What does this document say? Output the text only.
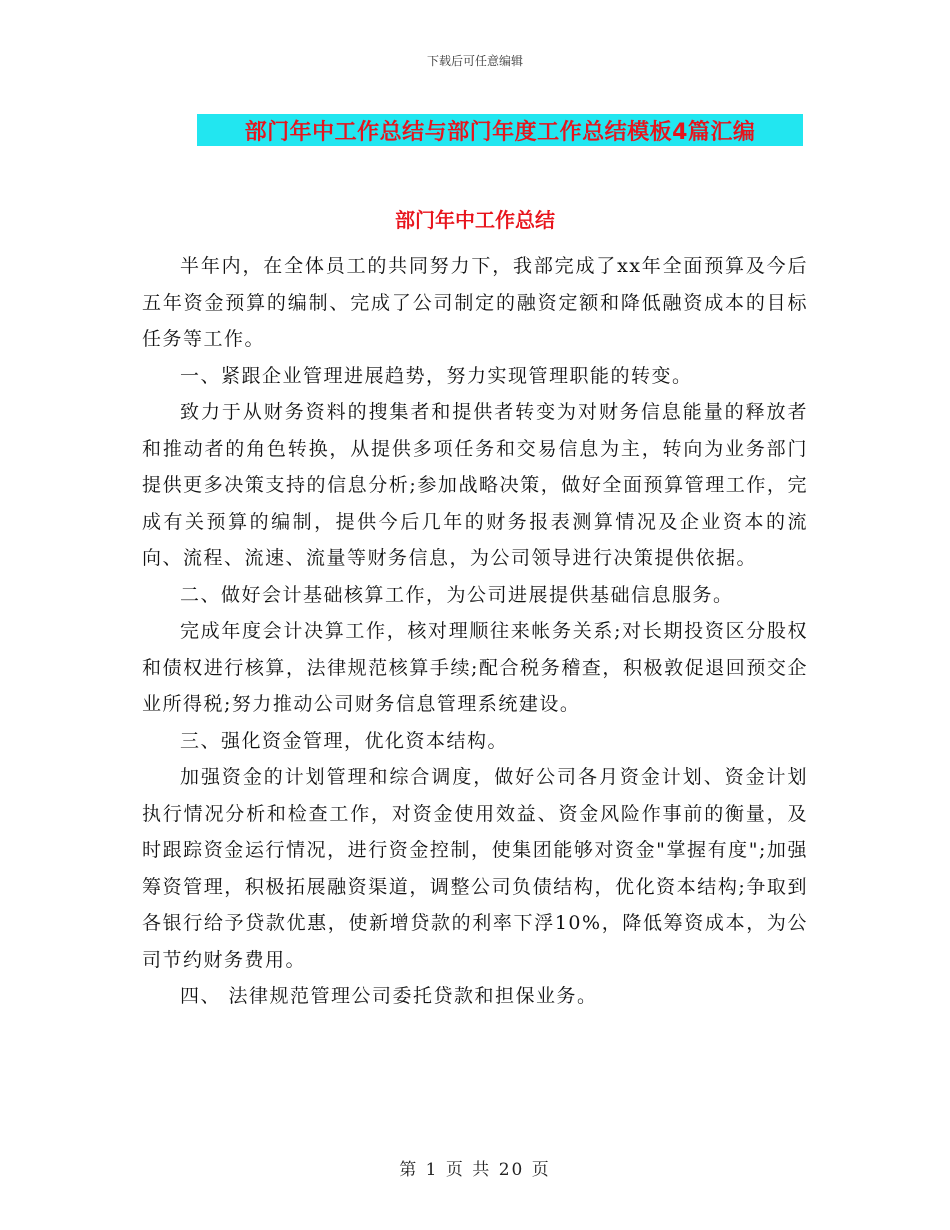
下载后可任意编辑
部门年中工作总结与部门年度工作总结模板4篇汇编
部门年中工作总结

半年内，在全体员工的共同努力下，我部完成了xx年全面预算及今后五年资金预算的编制、完成了公司制定的融资定额和降低融资成本的目标任务等工作。

一、紧跟企业管理进展趋势，努力实现管理职能的转变。

致力于从财务资料的搜集者和提供者转变为对财务信息能量的释放者和推动者的角色转换，从提供多项任务和交易信息为主，转向为业务部门提供更多决策支持的信息分析;参加战略决策，做好全面预算管理工作，完成有关预算的编制，提供今后几年的财务报表测算情况及企业资本的流向、流程、流速、流量等财务信息，为公司领导进行决策提供依据。

二、做好会计基础核算工作，为公司进展提供基础信息服务。

完成年度会计决算工作，核对理顺往来帐务关系;对长期投资区分股权和债权进行核算，法律规范核算手续;配合税务稽查，积极敦促退回预交企业所得税;努力推动公司财务信息管理系统建设。

三、强化资金管理，优化资本结构。

加强资金的计划管理和综合调度，做好公司各月资金计划、资金计划执行情况分析和检查工作，对资金使用效益、资金风险作事前的衡量，及时跟踪资金运行情况，进行资金控制，使集团能够对资金"掌握有度";加强筹资管理，积极拓展融资渠道，调整公司负债结构，优化资本结构;争取到各银行给予贷款优惠，使新增贷款的利率下浮10%，降低筹资成本，为公司节约财务费用。

四、 法律规范管理公司委托贷款和担保业务。

第 1 页 共 20 页
